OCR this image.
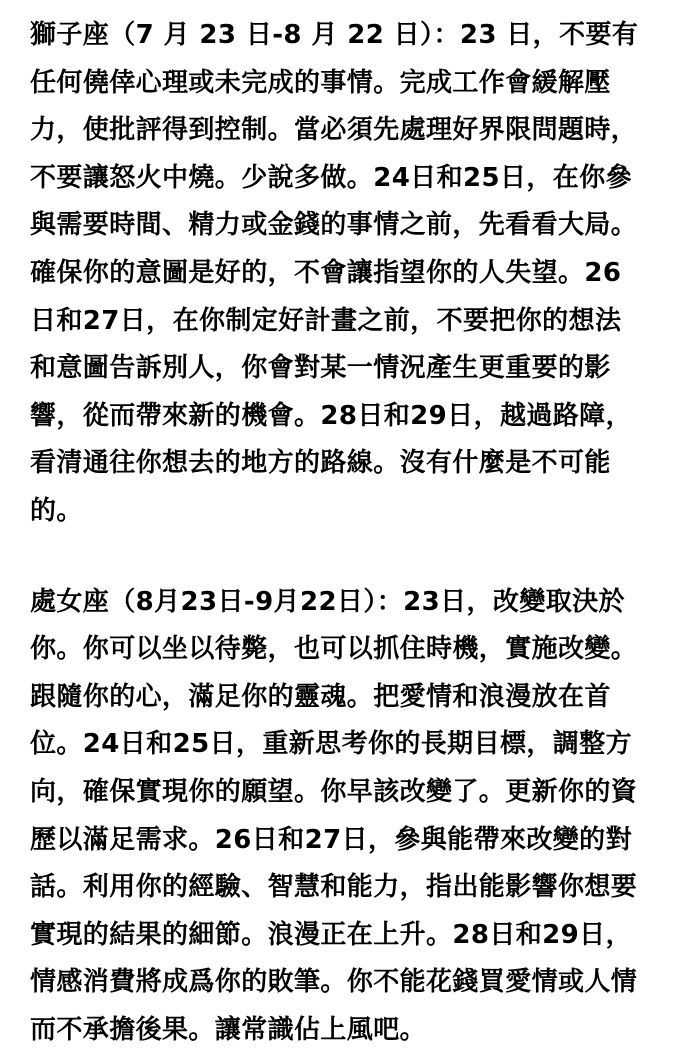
獅子座（7 月 23 日-8 月 22 日）：23 日，不要有任何僥倖心理或未完成的事情。完成工作會緩解壓力，使批評得到控制。當必須先處理好界限問題時，不要讓怒火中燒。少說多做。24日和25日，在你參與需要時間、精力或金錢的事情之前，先看看大局。確保你的意圖是好的，不會讓指望你的人失望。26日和27日，在你制定好計畫之前，不要把你的想法和意圖告訴別人，你會對某一情況產生更重要的影響，從而帶來新的機會。28日和29日，越過路障，看清通往你想去的地方的路線。沒有什麼是不可能的。

處女座（8月23日-9月22日）：23日，改變取決於你。你可以坐以待斃，也可以抓住時機，實施改變。跟隨你的心，滿足你的靈魂。把愛情和浪漫放在首位。24日和25日，重新思考你的長期目標，調整方向，確保實現你的願望。你早該改變了。更新你的資歷以滿足需求。26日和27日，參與能帶來改變的對話。利用你的經驗、智慧和能力，指出能影響你想要實現的結果的細節。浪漫正在上升。28日和29日，情感消費將成爲你的敗筆。你不能花錢買愛情或人情而不承擔後果。讓常識佔上風吧。
